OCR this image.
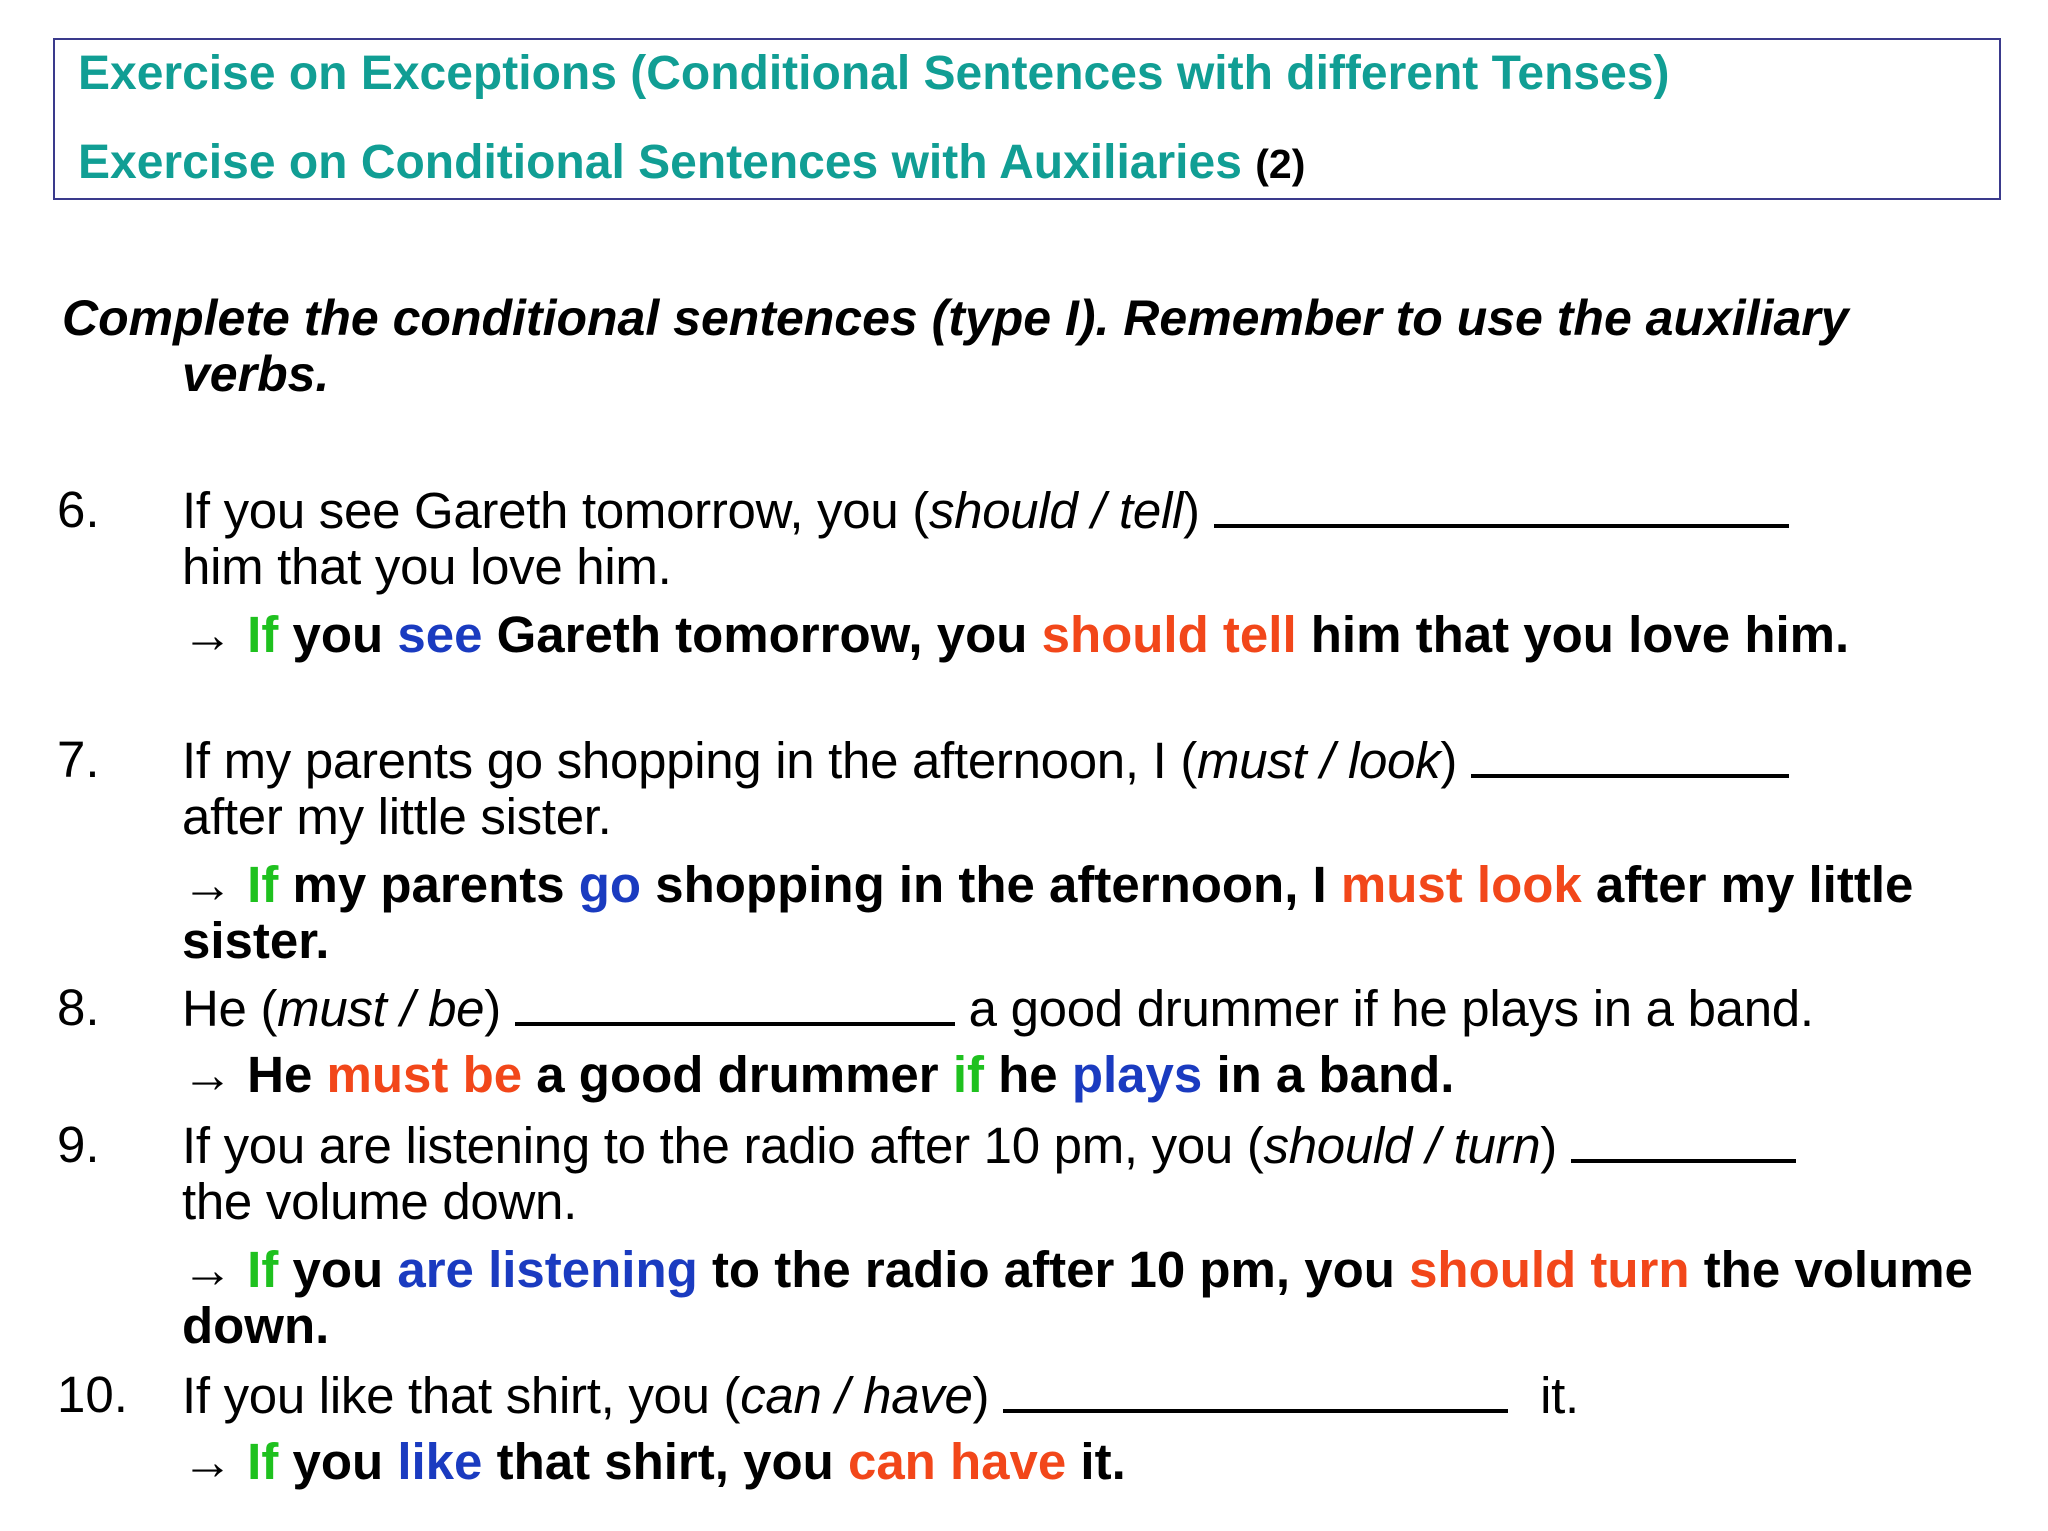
Exercise on Exceptions (Conditional Sentences with different Tenses)
Exercise on Conditional Sentences with Auxiliaries (2)
Complete the conditional sentences (type I). Remember to use the auxiliary verbs.
6. If you see Gareth tomorrow, you (should / tell)
him that you love him.
→ If you see Gareth tomorrow, you should tell him that you love him.
7. If my parents go shopping in the afternoon, I (must / look)
after my little sister.
→ If my parents go shopping in the afternoon, I must look after my little sister.
8. He (must / be)	a good drummer if he plays in a band.
→ He must be a good drummer if he plays in a band.
9. If you are listening to the radio after 10 pm, you (should / turn)
the volume down.
→ If you are listening to the radio after 10 pm, you should turn the volume down.
10. If you like that shirt, you (can / have)	it.
→ If you like that shirt, you can have it.
